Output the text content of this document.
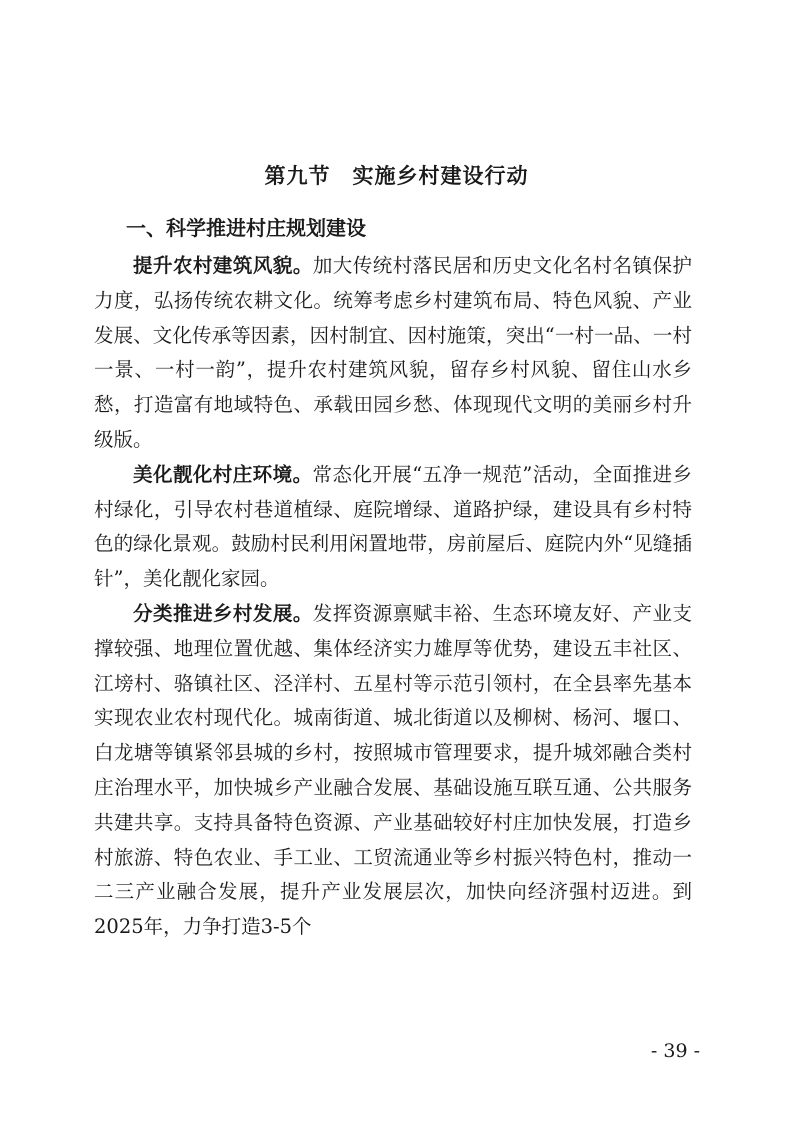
第九节　实施乡村建设行动
一、科学推进村庄规划建设

提升农村建筑风貌。加大传统村落民居和历史文化名村名镇保护力度，弘扬传统农耕文化。统筹考虑乡村建筑布局、特色风貌、产业发展、文化传承等因素，因村制宜、因村施策，突出“一村一品、一村一景、一村一韵”，提升农村建筑风貌，留存乡村风貌、留住山水乡愁，打造富有地域特色、承载田园乡愁、体现现代文明的美丽乡村升级版。

美化靓化村庄环境。常态化开展“五净一规范”活动，全面推进乡村绿化，引导农村巷道植绿、庭院增绿、道路护绿，建设具有乡村特色的绿化景观。鼓励村民利用闲置地带，房前屋后、庭院内外“见缝插针”，美化靓化家园。

分类推进乡村发展。发挥资源禀赋丰裕、生态环境友好、产业支撑较强、地理位置优越、集体经济实力雄厚等优势，建设五丰社区、江塝村、骆镇社区、泾洋村、五星村等示范引领村，在全县率先基本实现农业农村现代化。城南街道、城北街道以及柳树、杨河、堰口、白龙塘等镇紧邻县城的乡村，按照城市管理要求，提升城郊融合类村庄治理水平，加快城乡产业融合发展、基础设施互联互通、公共服务共建共享。支持具备特色资源、产业基础较好村庄加快发展，打造乡村旅游、特色农业、手工业、工贸流通业等乡村振兴特色村，推动一二三产业融合发展，提升产业发展层次，加快向经济强村迈进。到2025年，力争打造3-5个

- 39 -
